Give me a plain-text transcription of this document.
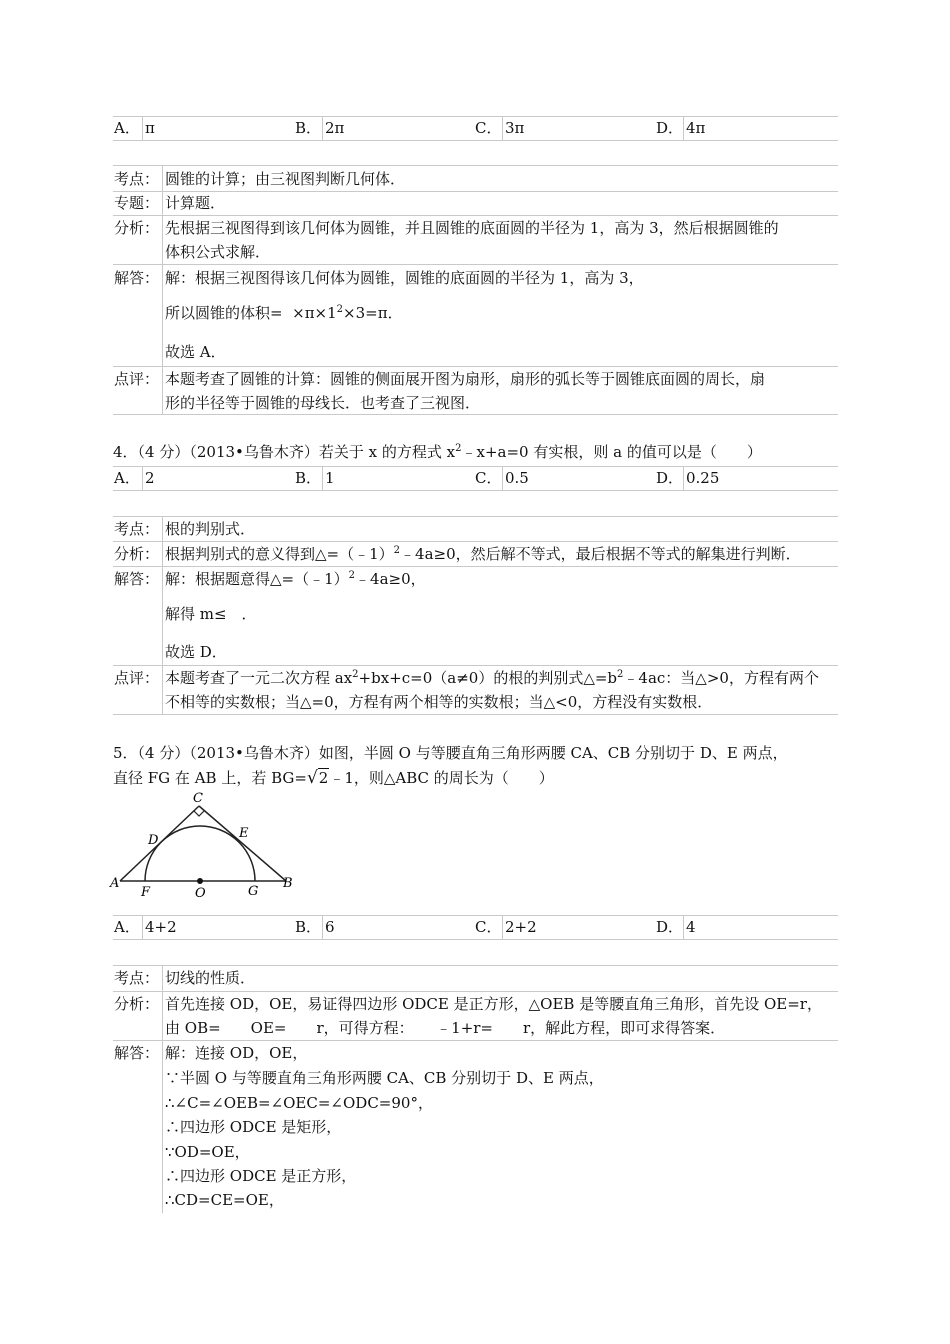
A． π	B． 2π	C． 3π	D． 4π
考点： 圆锥的计算；由三视图判断几何体．
专题： 计算题．
分析： 先根据三视图得到该几何体为圆锥，并且圆锥的底面圆的半径为 1，高为 3，然后根据圆锥的
体积公式求解．
解答： 解：根据三视图得该几何体为圆锥，圆锥的底面圆的半径为 1，高为 3，
所以圆锥的体积= $\times\pi\times 1^2\times 3=\pi$．
故选 A．
点评： 本题考查了圆锥的计算：圆锥的侧面展开图为扇形，扇形的弧长等于圆锥底面圆的周长，扇
形的半径等于圆锥的母线长．也考查了三视图．
4．（4 分）（2013•乌鲁木齐）若关于 x 的方程式 $x^2﹣x+a=0$ 有实根，则 a 的值可以是（　　）
A． 2	B． 1	C． 0.5	D． 0.25
考点： 根的判别式．
分析： 根据判别式的意义得到△=（﹣1）$^2$﹣4a≥0，然后解不等式，最后根据不等式的解集进行判断．
解答： 解：根据题意得△=（﹣1）$^2$﹣4a≥0，
解得 m≤　．
故选 D．
点评： 本题考查了一元二次方程 $ax^2+bx+c=0(a\ne 0)$的根的判别式$\triangle=b^2﹣4ac$：当△>0，方程有两个
不相等的实数根；当△=0，方程有两个相等的实数根；当△<0，方程没有实数根．
5．（4 分）（2013•乌鲁木齐）如图，半圆 O 与等腰直角三角形两腰 CA、CB 分别切于 D、E 两点，
直径 FG 在 AB 上，若 BG=√2﹣1，则△ABC 的周长为（　　）
C
D	E
A
F	O	G
B
A． 4+2	B． 6	C． 2+2	D． 4
考点： 切线的性质．
分析： 首先连接 OD，OE，易证得四边形 ODCE 是正方形，△OEB 是等腰直角三角形，首先设 OE=r，
由 OB=　　OE=　　r，可得方程：　　﹣1+r=　　r，解此方程，即可求得答案．
解答： 解：连接 OD，OE，
∵半圆 O 与等腰直角三角形两腰 CA、CB 分别切于 D、E 两点，
∴∠C=∠OEB=∠OEC=∠ODC=90°，
∴四边形 ODCE 是矩形，
∵OD=OE，
∴四边形 ODCE 是正方形，
∴CD=CE=OE，
